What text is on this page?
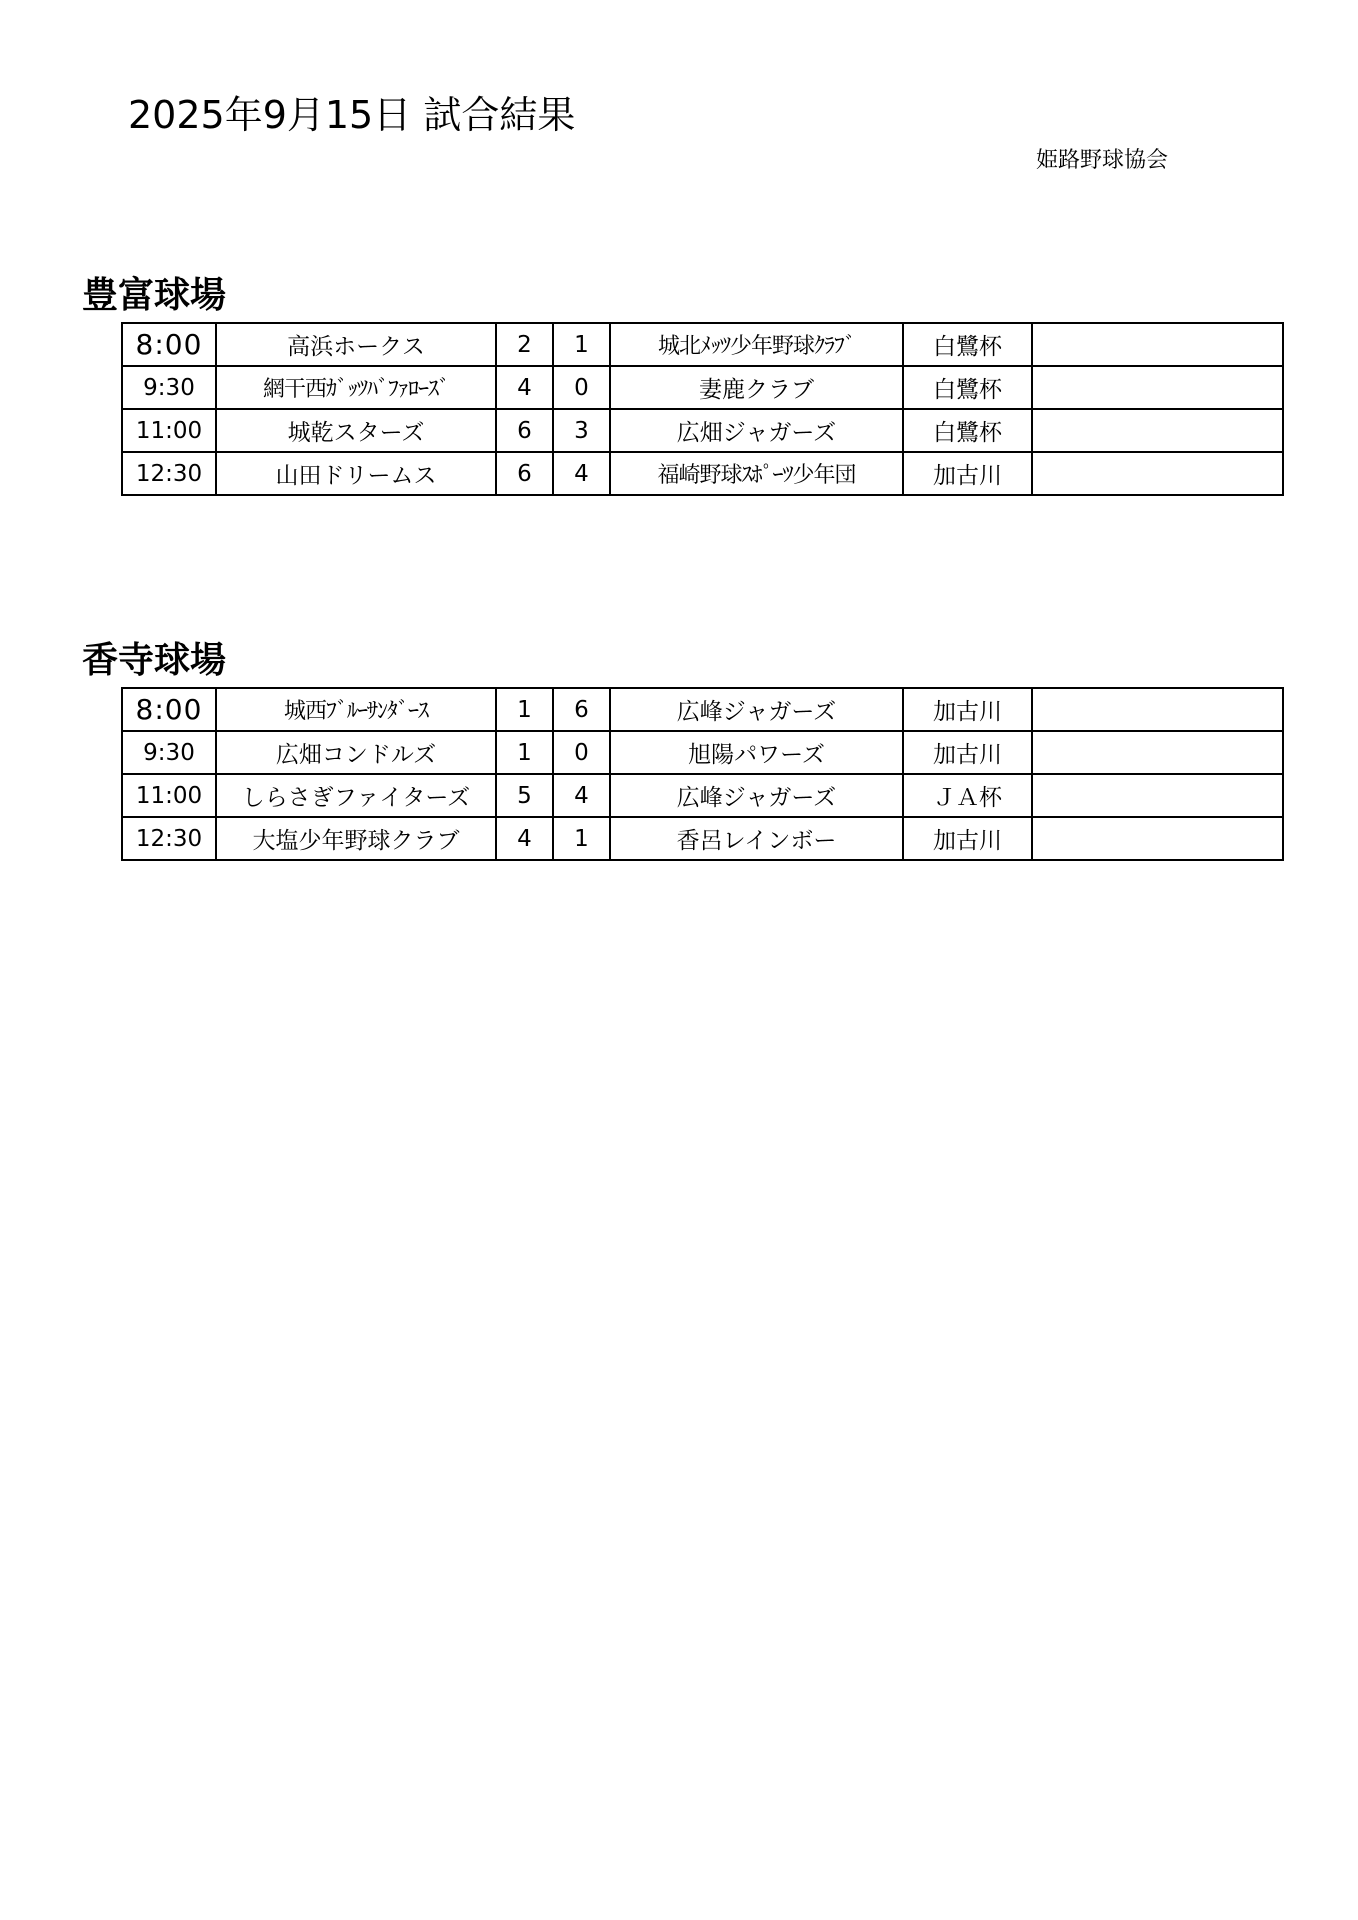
2025年9月15日 試合結果
姫路野球協会
豊富球場
8:00	高浜ホークス	2	1	城北ﾒｯﾂ少年野球ｸﾗﾌﾞ	白鷺杯	
9:30	網干西ｶﾞｯﾂﾊﾞﾌｧﾛｰｽﾞ	4	0	妻鹿クラブ	白鷺杯	
11:00	城乾スターズ	6	3	広畑ジャガーズ	白鷺杯	
12:30	山田ドリームス	6	4	福崎野球ｽﾎﾟｰﾂ少年団	加古川	
香寺球場
8:00	城西ﾌﾞﾙｰｻﾝﾀﾞｰｽ	1	6	広峰ジャガーズ	加古川	
9:30	広畑コンドルズ	1	0	旭陽パワーズ	加古川	
11:00	しらさぎファイターズ	5	4	広峰ジャガーズ	ＪＡ杯	
12:30	大塩少年野球クラブ	4	1	香呂レインボー	加古川	
